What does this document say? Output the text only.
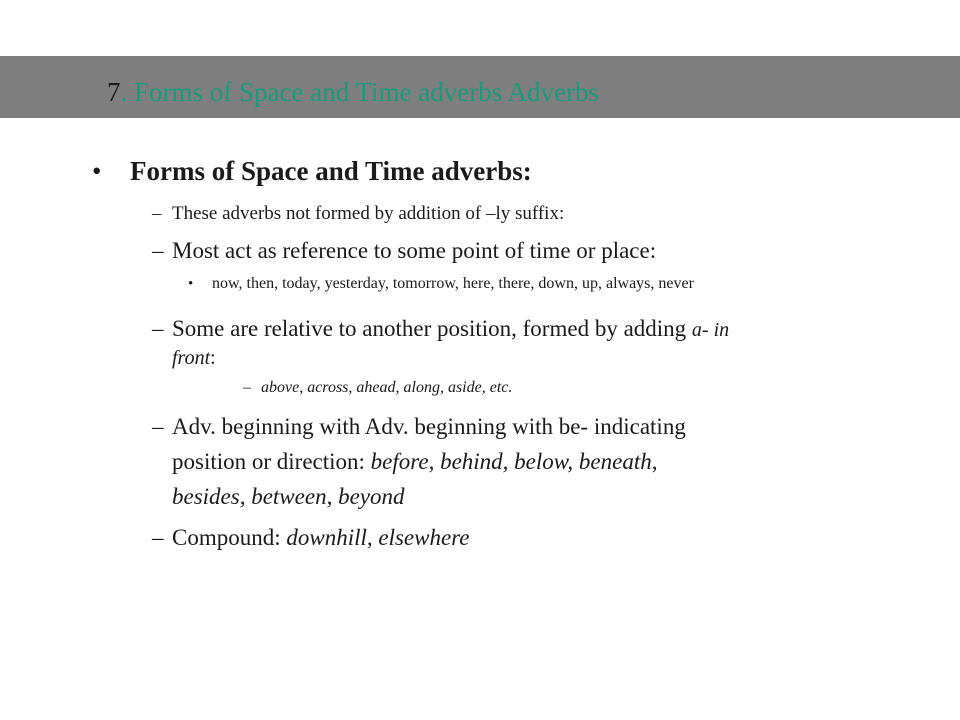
7. Forms of Space and Time adverbs Adverbs
• Forms of Space and Time adverbs:
– These adverbs not formed by addition of –ly suffix:
– Most act as reference to some point of time or place:
• now, then, today, yesterday, tomorrow, here, there, down, up, always, never
– Some are relative to another position, formed by adding a- in
front:
– above, across, ahead, along, aside, etc.
– Adv. beginning with Adv. beginning with be- indicating
position or direction: before, behind, below, beneath,
besides, between, beyond
– Compound: downhill, elsewhere
